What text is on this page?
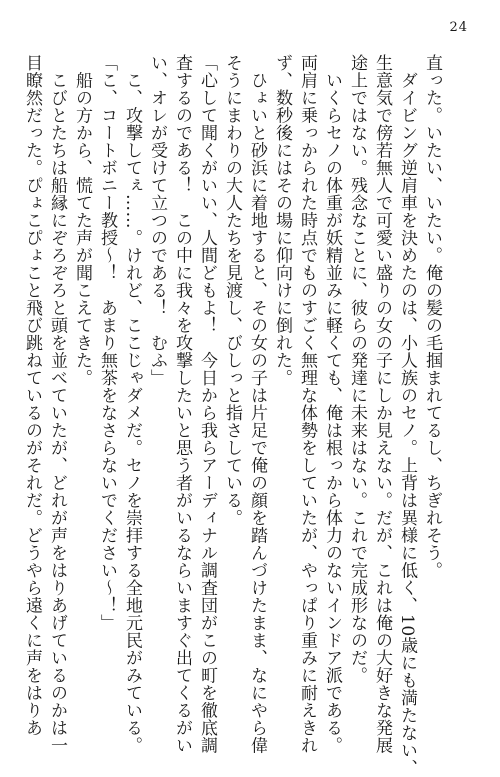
24
直った。いたい、いたい。俺の髪の毛掴まれてるし、ちぎれそう。
　ダイビング逆肩車を決めたのは、小人族のセノ。上背は異様に低く、10歳にも満たない、
生意気で傍若無人で可愛い盛りの女の子にしか見えない。だが、これは俺の大好きな発展
途上ではない。残念なことに、彼らの発達に未来はない。これで完成形なのだ。
　いくらセノの体重が妖精並みに軽くても、俺は根っから体力のないインドア派である。
両肩に乗っかられた時点でものすごく無理な体勢をしていたが、やっぱり重みに耐えきれ
ず、数秒後にはその場に仰向けに倒れた。
　ひょいと砂浜に着地すると、その女の子は片足で俺の顔を踏んづけたまま、なにやら偉
そうにまわりの大人たちを見渡し、びしっと指さしている。
「心して聞くがいい、人間どもよ！　今日から我らアーディナル調査団がこの町を徹底調
査するのである！　この中に我々を攻撃したいと思う者がいるならいますぐ出てくるがい
い、オレが受けて立つのである！　むふ」
　こ、攻撃してぇ……。けれど、ここじゃダメだ。セノを崇拝する全地元民がみている。
「こ、コートボニー教授〜！　あまり無茶をなさらないでください〜！」
　船の方から、慌てた声が聞こえてきた。
　こびとたちは船縁にぞろぞろと頭を並べていたが、どれが声をはりあげているのかは一
目瞭然だった。ぴょこぴょこと飛び跳ねているのがそれだ。どうやら遠くに声をはりあ
